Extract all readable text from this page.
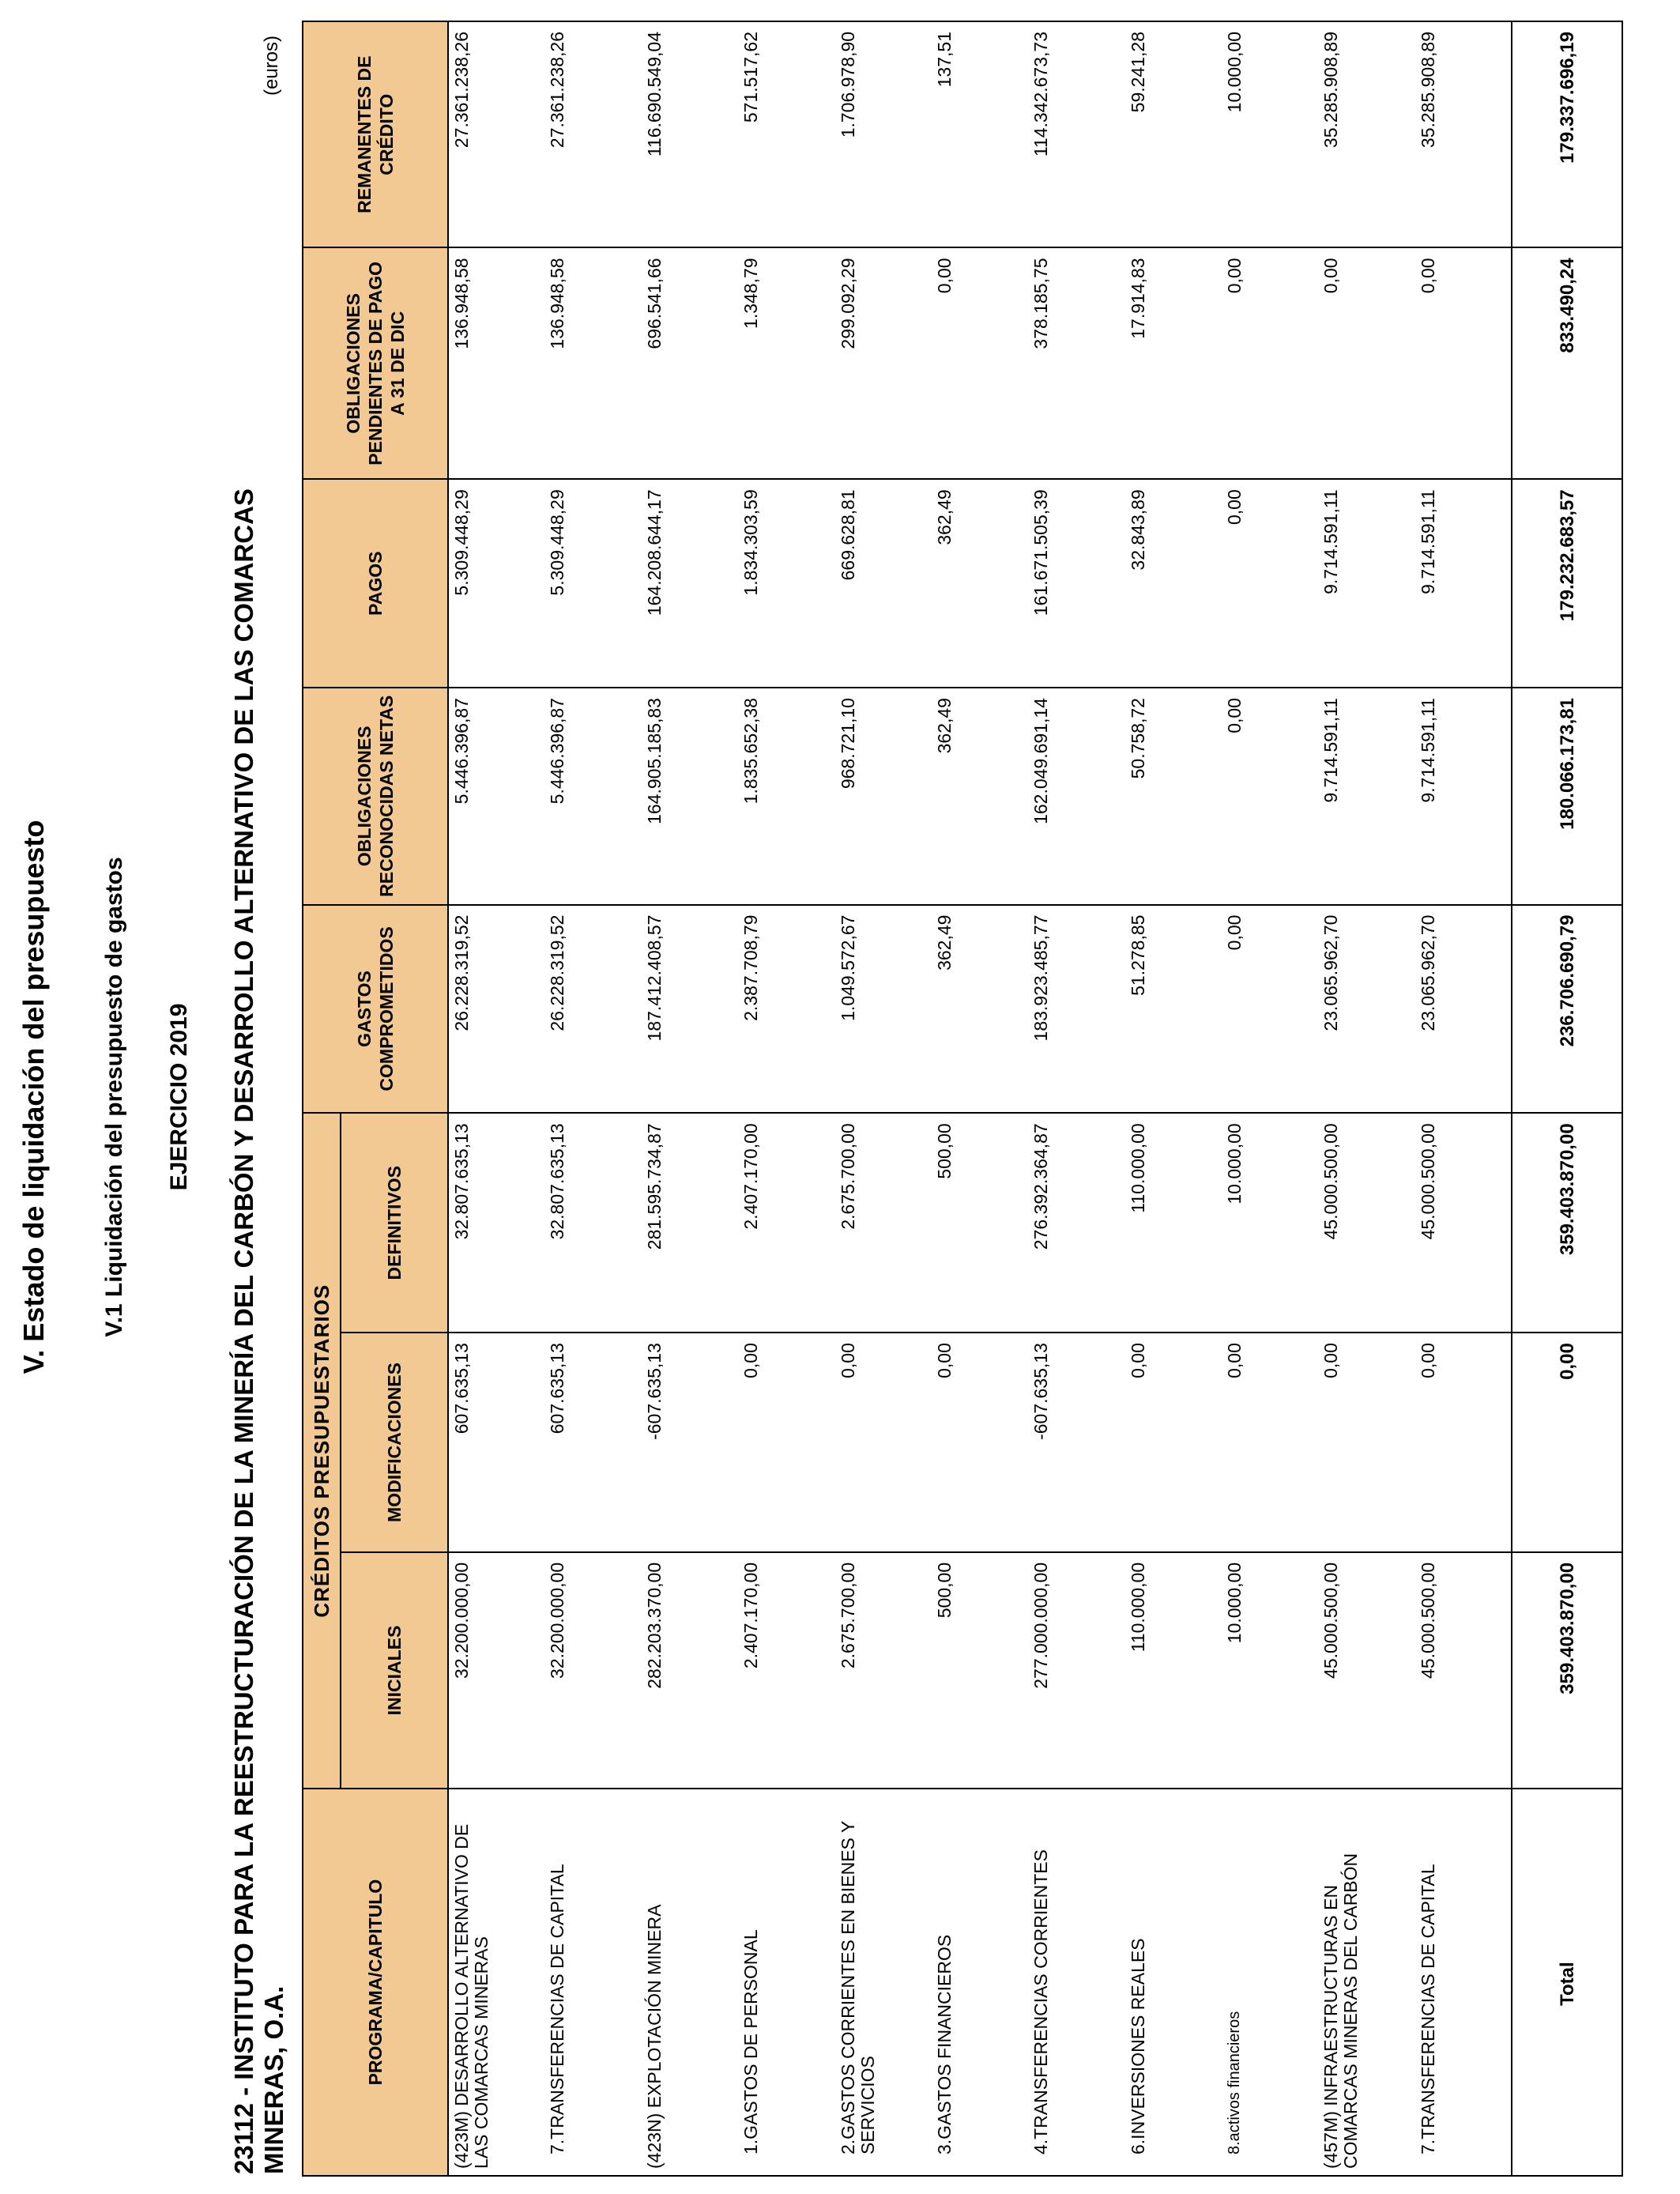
V. Estado de liquidación del presupuesto V.1 Liquidación del presupuesto de gastos EJERCICIO 2019 23112 - INSTITUTO PARA LA REESTRUCTURACIÓN DE LA MINERÍA DEL CARBÓN Y DESARROLLO ALTERNATIVO DE LAS COMARCAS MINERAS, O.A.
(euros)
PROGRAMA/CAPITULO	CRÉDITOS PRESUPUESTARIOS			GASTOS COMPROMETIDOS	OBLIGACIONES RECONOCIDAS NETAS	PAGOS	OBLIGACIONES PENDIENTES DE PAGO A 31 DE DIC	REMANENTES DE CRÉDITO
	INICIALES	MODIFICACIONES	DEFINITIVOS					
(423M) DESARROLLO ALTERNATIVO DE LAS COMARCAS MINERAS	32.200.000,00	607.635,13	32.807.635,13	26.228.319,52	5.446.396,87	5.309.448,29	136.948,58	27.361.238,26
7.TRANSFERENCIAS DE CAPITAL	32.200.000,00	607.635,13	32.807.635,13	26.228.319,52	5.446.396,87	5.309.448,29	136.948,58	27.361.238,26
(423N) EXPLOTACIÓN MINERA	282.203.370,00	-607.635,13	281.595.734,87	187.412.408,57	164.905.185,83	164.208.644,17	696.541,66	116.690.549,04
1.GASTOS DE PERSONAL	2.407.170,00	0,00	2.407.170,00	2.387.708,79	1.835.652,38	1.834.303,59	1.348,79	571.517,62
2.GASTOS CORRIENTES EN BIENES Y SERVICIOS	2.675.700,00	0,00	2.675.700,00	1.049.572,67	968.721,10	669.628,81	299.092,29	1.706.978,90
3.GASTOS FINANCIEROS	500,00	0,00	500,00	362,49	362,49	362,49	0,00	137,51
4.TRANSFERENCIAS CORRIENTES	277.000.000,00	-607.635,13	276.392.364,87	183.923.485,77	162.049.691,14	161.671.505,39	378.185,75	114.342.673,73
6.INVERSIONES REALES	110.000,00	0,00	110.000,00	51.278,85	50.758,72	32.843,89	17.914,83	59.241,28
8.activos financieros	10.000,00	0,00	10.000,00	0,00	0,00	0,00	0,00	10.000,00
(457M) INFRAESTRUCTURAS EN COMARCAS MINERAS DEL CARBÓN	45.000.500,00	0,00	45.000.500,00	23.065.962,70	9.714.591,11	9.714.591,11	0,00	35.285.908,89
7.TRANSFERENCIAS DE CAPITAL	45.000.500,00	0,00	45.000.500,00	23.065.962,70	9.714.591,11	9.714.591,11	0,00	35.285.908,89
Total	359.403.870,00	0,00	359.403.870,00	236.706.690,79	180.066.173,81	179.232.683,57	833.490,24	179.337.696,19
